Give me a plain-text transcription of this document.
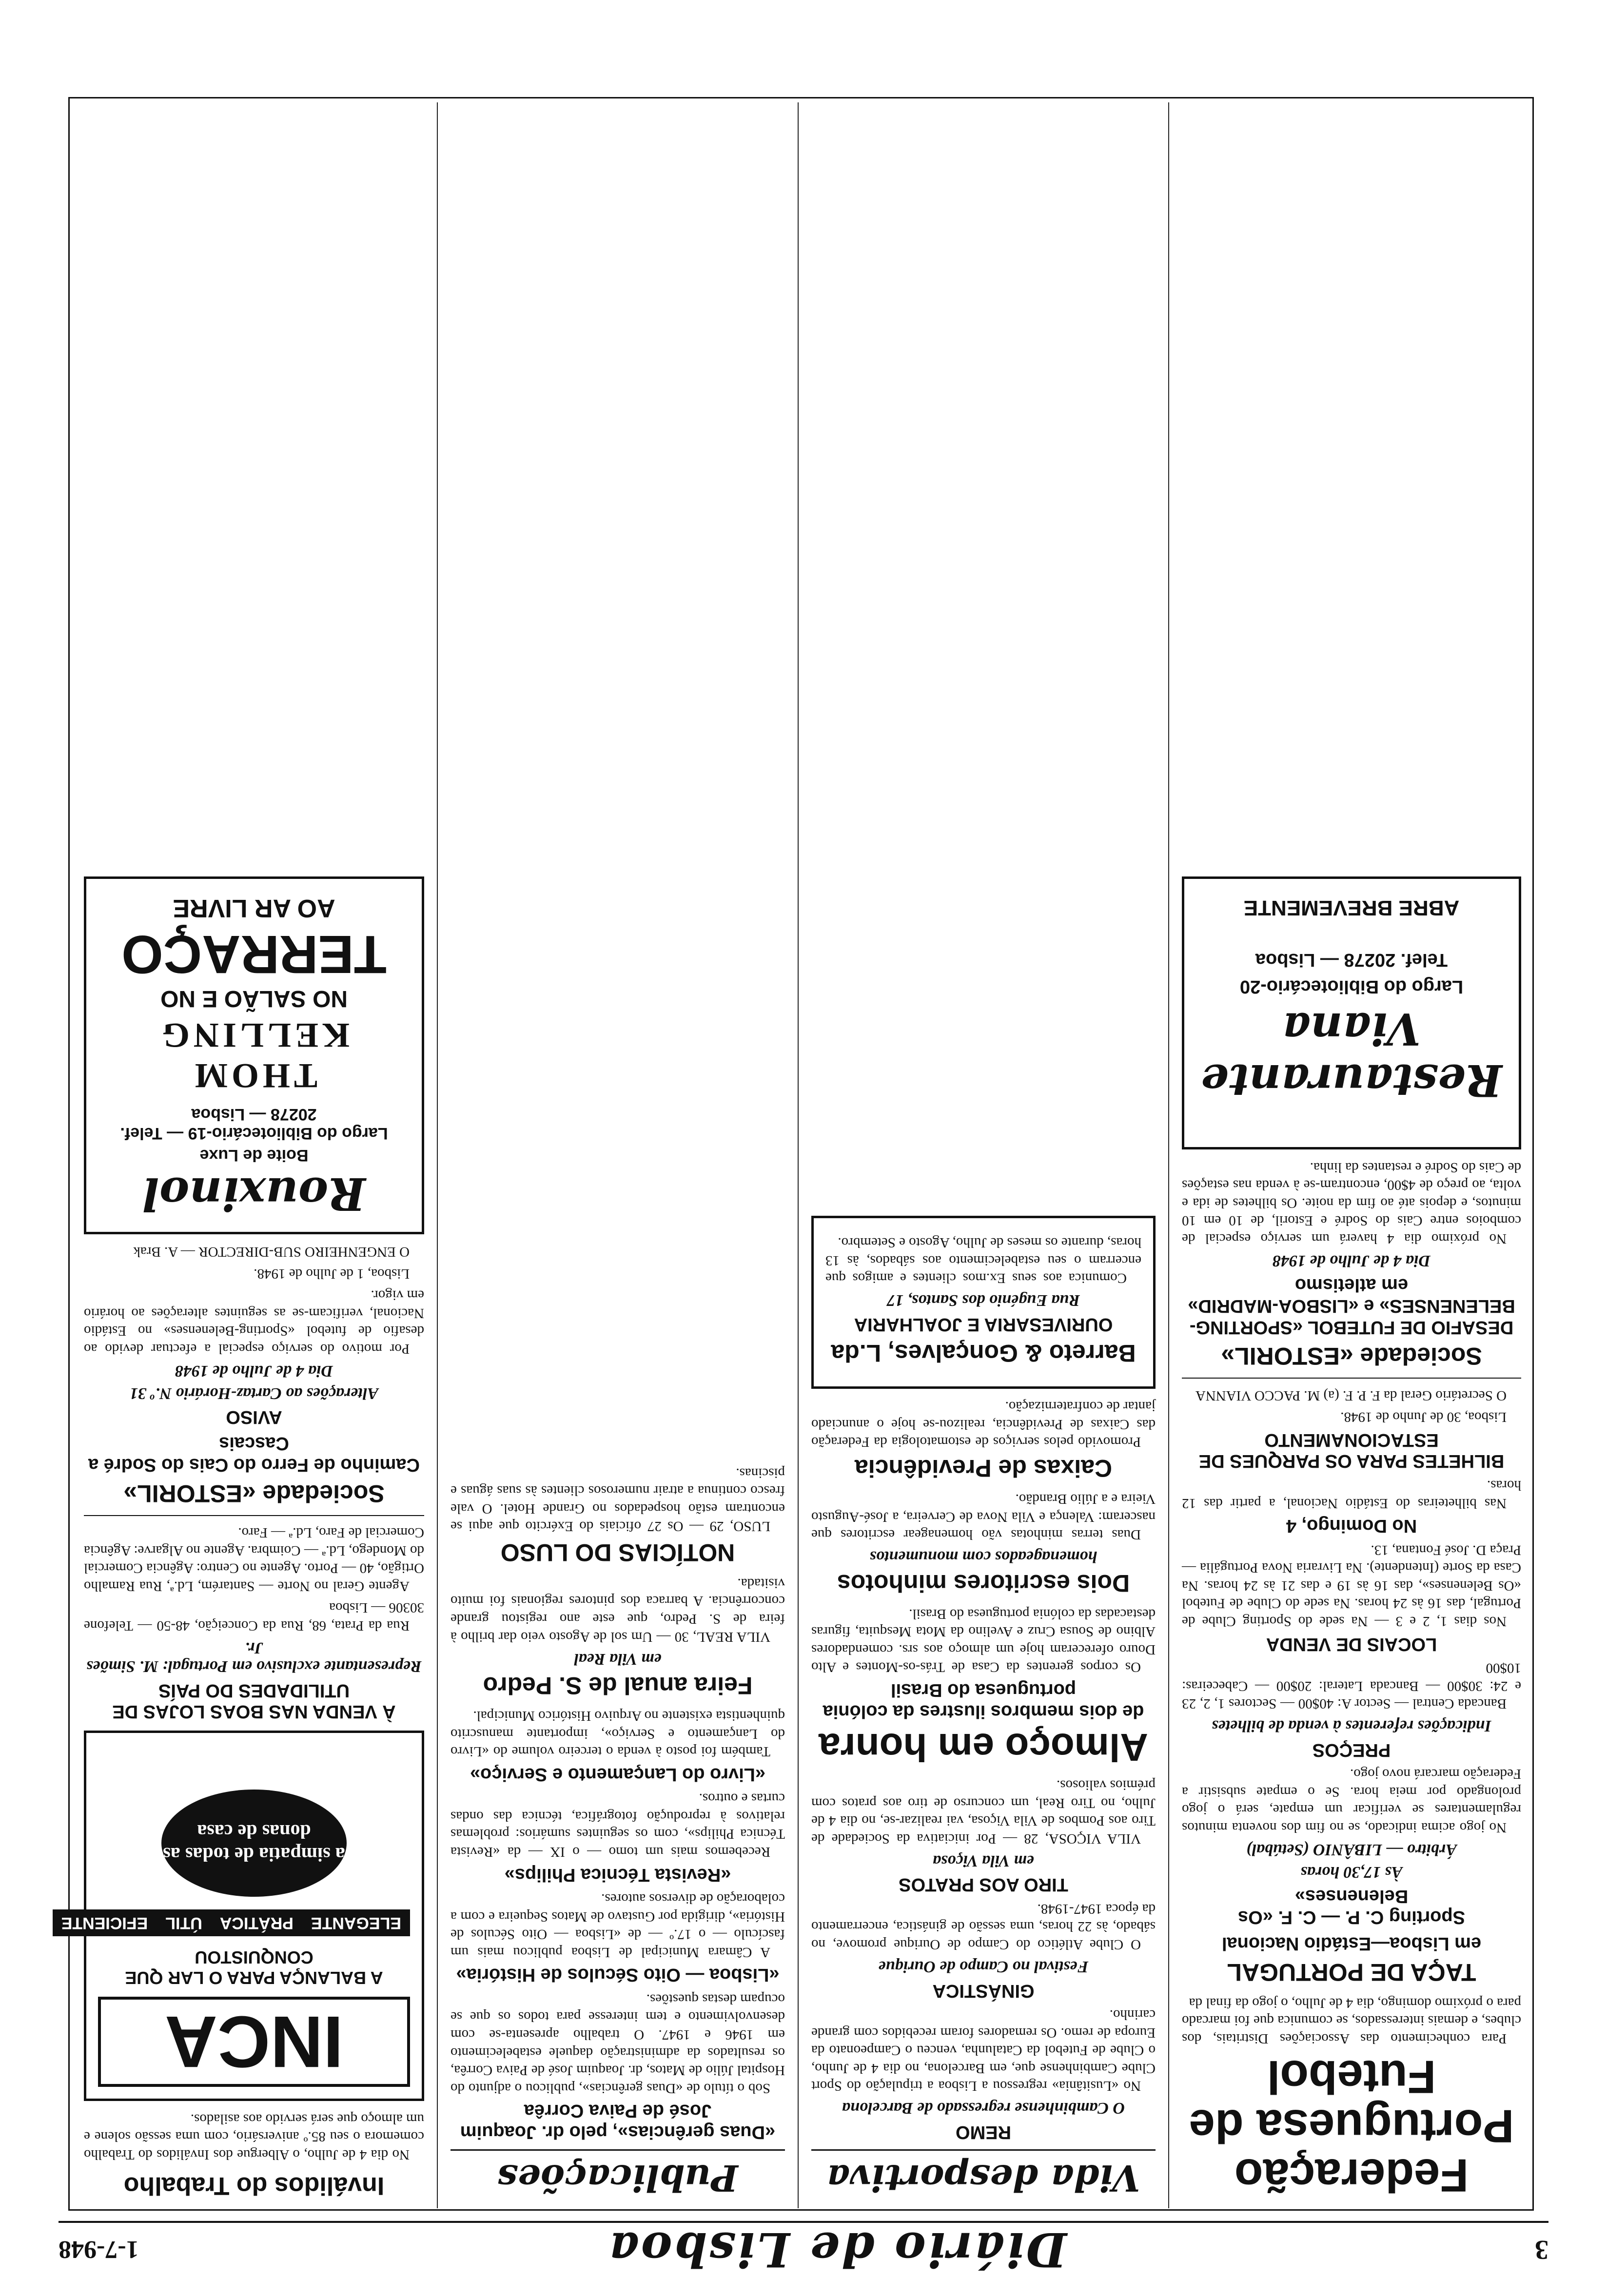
3
Diário de Lisboa
1-7-948
Federação Portuguesa de Futebol

Para conhecimento das Associações Distritais, dos clubes, e demais interessados, se comunica que foi marcado para o próximo domingo, dia 4 de Julho, o jogo da final da

TAÇA DE PORTUGAL
em Lisboa—Estádio Nacional
Sporting C. P. — C. F. «Os Belenenses»
Às 17,30 horas
Árbitro — LIBÂNIO (Setúbal)

No jogo acima indicado, se no fim dos noventa minutos regulamentares se verificar um empate, será o jogo prolongado por meia hora. Se o empate subsistir a Federação marcará novo jogo.

PREÇOS
Indicações referentes à venda de bilhetes

Bancada Central — Sector A: 40$00 — Sectores 1, 2, 23 e 24: 30$00 — Bancada Lateral: 20$00 — Cabeceiras: 10$00

LOCAIS DE VENDA

Nos dias 1, 2 e 3 — Na sede do Sporting Clube de Portugal, das 16 às 24 horas. Na sede do Clube de Futebol «Os Belenenses», das 16 às 19 e das 21 às 24 horas. Na Casa da Sorte (Intendente). Na Livraria Nova Portugália — Praça D. José Fontana, 13.

No Domingo, 4

Nas bilheteiras do Estádio Nacional, a partir das 12 horas.

BILHETES PARA OS PARQUES DE ESTACIONAMENTO

Lisboa, 30 de Junho de 1948.

O Secretário Geral da F. P. F. (a) M. PACCO VIANNA

Sociedade «ESTORIL»
DESAFIO DE FUTEBOL «SPORTING-BELENENSES» e «LISBOA-MADRID» em atletismo
Dia 4 de Julho de 1948

No próximo dia 4 haverá um serviço especial de comboios entre Cais do Sodré e Estoril, de 10 em 10 minutos, e depois até ao fim da noite. Os bilhetes de ida e volta, ao preço de 4$00, encontram-se à venda nas estações de Cais do Sodré e restantes da linha.

Restaurante Viana
Largo do Bibliotecário-20
Telef. 20278 — Lisboa
ABRE BREVEMENTE
Vida desportiva
REMO
O Cambinhense regressado de Barcelona

No «Lusitânia» regressou a Lisboa a tripulação do Sport Clube Cambinhense que, em Barcelona, no dia 4 de Junho, o Clube de Futebol da Catalunha, venceu o Campeonato da Europa de remo. Os remadores foram recebidos com grande carinho.

GINÁSTICA
Festival no Campo de Ourique

O Clube Atlético do Campo de Ourique promove, no sábado, às 22 horas, uma sessão de ginástica, encerramento da época 1947-1948.

TIRO AOS PRATOS
em Vila Viçosa

VILA VIÇOSA, 28 — Por iniciativa da Sociedade de Tiro aos Pombos de Vila Viçosa, vai realizar-se, no dia 4 de Julho, no Tiro Real, um concurso de tiro aos pratos com prémios valiosos.

Almoço em honra
de dois membros ilustres da colónia portuguesa do Brasil

Os corpos gerentes da Casa de Trás-os-Montes e Alto Douro ofereceram hoje um almoço aos srs. comendadores Albino de Sousa Cruz e Avelino da Mota Mesquita, figuras destacadas da colónia portuguesa do Brasil.

Dois escritores minhotos
homenageados com monumentos

Duas terras minhotas vão homenagear escritores que nasceram: Valença e Vila Nova de Cerveira, a José-Augusto Vieira e a Júlio Brandão.

Caixas de Previdência

Promovido pelos serviços de estomatologia da Federação das Caixas de Previdência, realizou-se hoje o anunciado jantar de confraternização.

Barreto & Gonçalves, L.da
OURIVESARIA E JOALHARIA
Rua Eugénio dos Santos, 17

Comunica aos seus Ex.mos clientes e amigos que encerram o seu estabelecimento aos sábados, às 13 horas, durante os meses de Julho, Agosto e Setembro.

Publicações
«Duas gerências», pelo dr. Joaquim José de Paiva Corrêa

Sob o título de «Duas gerências», publicou o adjunto do Hospital Júlio de Matos, dr. Joaquim José de Paiva Corrêa, os resultados da administração daquele estabelecimento em 1946 e 1947. O trabalho apresenta-se com desenvolvimento e tem interesse para todos os que se ocupam destas questões.

«Lisboa — Oito Séculos de História»

A Câmara Municipal de Lisboa publicou mais um fascículo — o 17.º — de «Lisboa — Oito Séculos de História», dirigida por Gustavo de Matos Sequeira e com a colaboração de diversos autores.

«Revista Técnica Philips»

Recebemos mais um tomo — o IX — da «Revista Técnica Philips», com os seguintes sumários: problemas relativos à reprodução fotográfica, técnica das ondas curtas e outros.

«Livro do Lançamento e Serviço»

Também foi posto à venda o terceiro volume do «Livro do Lançamento e Serviço», importante manuscrito quinhentista existente no Arquivo Histórico Municipal.

Feira anual de S. Pedro
em Vila Real

VILA REAL, 30 — Um sol de Agosto veio dar brilho à feira de S. Pedro, que este ano registou grande concorrência. A barraca dos pintores regionais foi muito visitada.

NOTÍCIAS DO LUSO

LUSO, 29 — Os 27 oficiais do Exército que aqui se encontram estão hospedados no Grande Hotel. O vale fresco continua a atrair numerosos clientes às suas águas e piscinas.

Inválidos do Trabalho

No dia 4 de Julho, o Albergue dos Inválidos do Trabalho comemora o seu 85.º aniversário, com uma sessão solene e um almoço que será servido aos asilados.

INCA
A BALANÇA PARA O LAR QUE CONQUISTOU
ELEGANTE
PRÁTICA
ÚTIL
EFICIENTE
a simpatia de todas as donas de casa
À VENDA NAS BOAS LOJAS DE UTILIDADES DO PAÍS
Representante exclusivo em Portugal: M. Simões Jr.

Rua da Prata, 68, Rua da Conceição, 48-50 — Telefone 30306 — Lisboa

Agente Geral no Norte — Santarém, Ld.ª, Rua Ramalho Ortigão, 40 — Porto. Agente no Centro: Agência Comercial do Mondego, Ld.ª — Coimbra. Agente no Algarve: Agência Comercial de Faro, Ld.ª — Faro.

Sociedade «ESTORIL»
Caminho de Ferro do Cais do Sodré a Cascais
AVISO
Alterações ao Cartaz-Horário N.º 31
Dia 4 de Julho de 1948

Por motivo do serviço especial a efectuar devido ao desafio de futebol «Sporting-Belenenses» no Estádio Nacional, verificam-se as seguintes alterações ao horário em vigor.

Lisboa, 1 de Julho de 1948.

O ENGENHEIRO SUB-DIRECTOR — A. Brak

Rouxinol
Boite de Luxe
Largo do Bibliotecário-19 — Telef. 20278 — Lisboa
THOM KELLING
NO SALÃO E NO
TERRAÇO
AO AR LIVRE
